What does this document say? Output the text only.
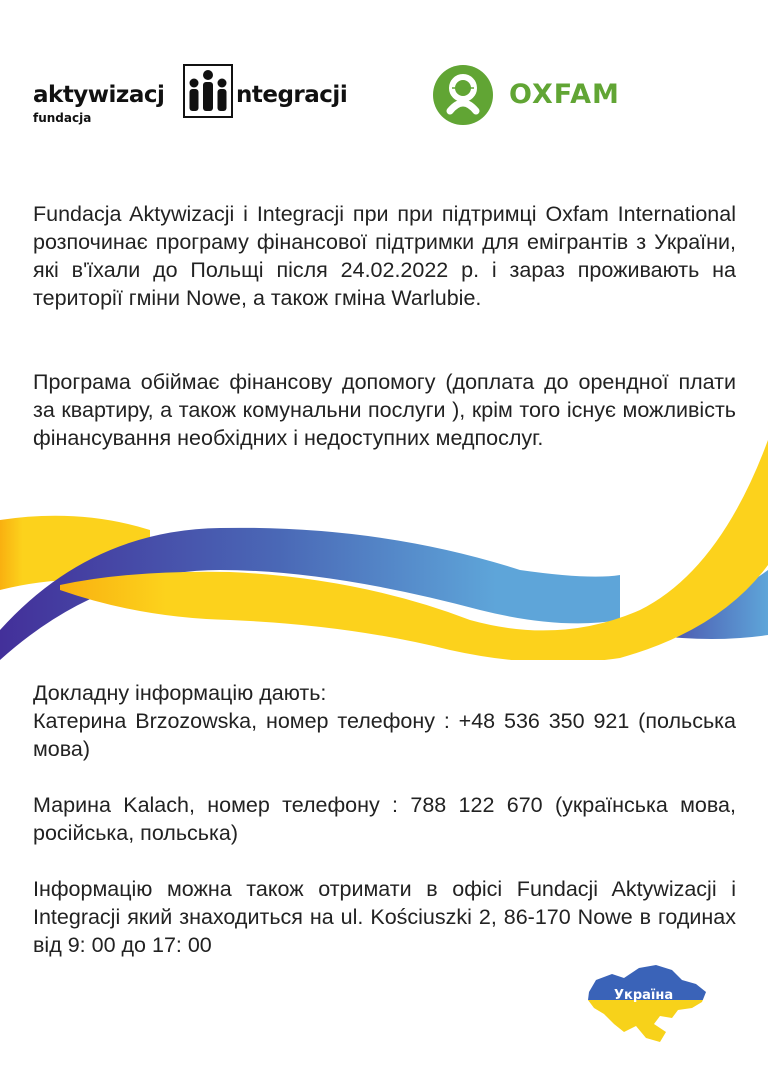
aktywizacj	ntegracji
fundacja
OXFAM

Fundacja Aktywizacji i Integracji при при підтримці Oxfam International розпочинає програму фінансової підтримки для емігрантів з України, які в'їхали до Польщі після 24.02.2022 р. і зараз проживають на території гміни Nowe, а також гміна Warlubie.

Програма обіймає фінансову допомогу (доплата до орендної плати за квартиру, а також комунальни послуги ), крім того існує можливість фінансування необхідних і недоступних медпослуг.

Докладну інформацію дають:
Катерина Brzozowska, номер телефону : +48 536 350 921 (польська мова)
Марина Kalach, номер телефону : 788 122 670 (українська мова, російська, польська)
Інформацію можна також отримати в офісі Fundacji Aktywizacji i Integracji який знаходиться на ul. Kościuszki 2, 86-170 Nowe в годинах від 9: 00 до 17: 00
Україна
